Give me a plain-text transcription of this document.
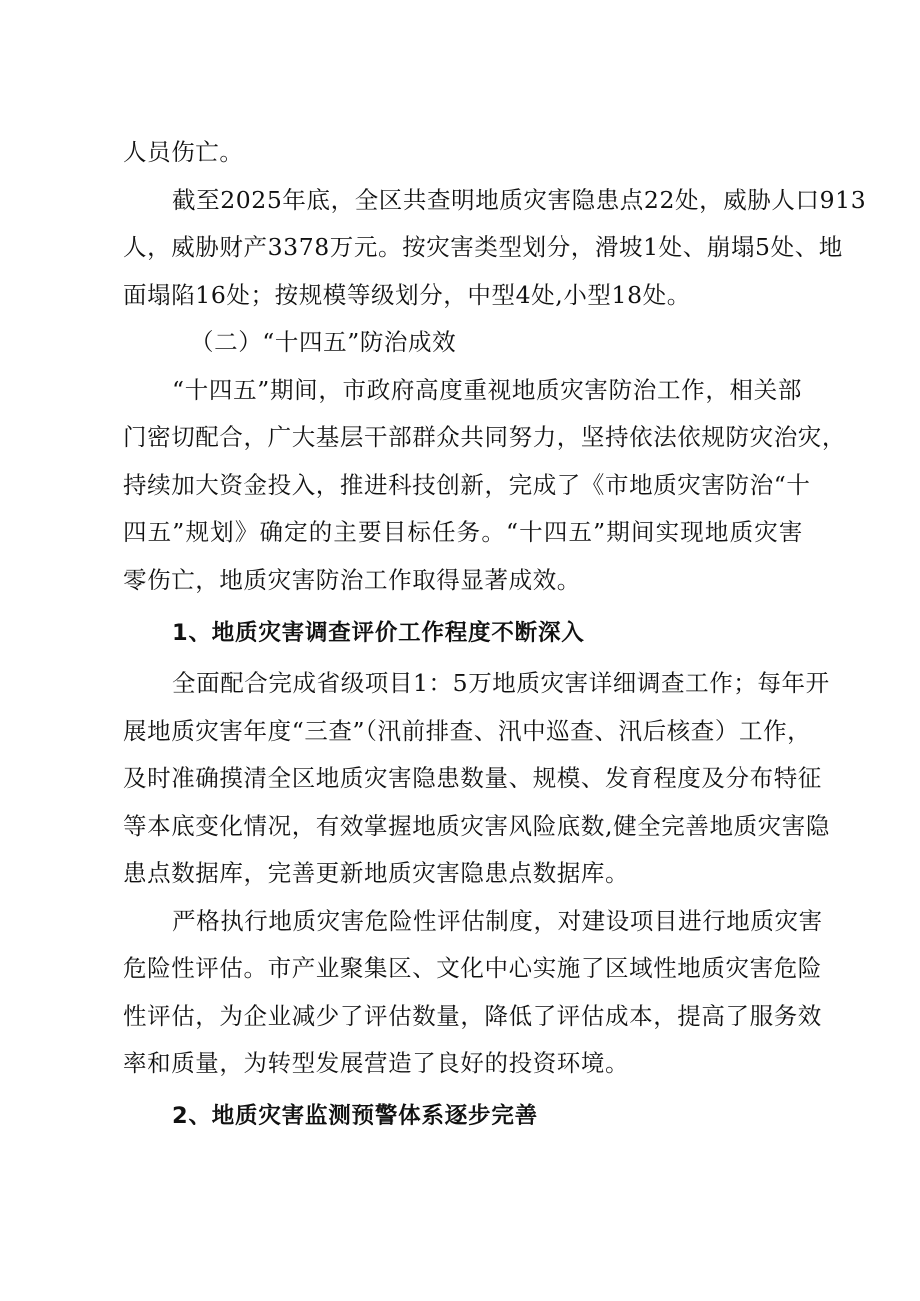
人员伤亡。
截至2025年底，全区共查明地质灾害隐患点22处，威胁人口913
人，威胁财产3378万元。按灾害类型划分，滑坡1处、崩塌5处、地
面塌陷16处；按规模等级划分，中型4处,小型18处。
（二）“十四五”防治成效
“十四五”期间，市政府高度重视地质灾害防治工作，相关部
门密切配合，广大基层干部群众共同努力，坚持依法依规防灾治灾，
持续加大资金投入，推进科技创新，完成了《市地质灾害防治“十
四五”规划》确定的主要目标任务。“十四五”期间实现地质灾害
零伤亡，地质灾害防治工作取得显著成效。
1、地质灾害调查评价工作程度不断深入
全面配合完成省级项目1：5万地质灾害详细调查工作；每年开
展地质灾害年度“三查”（汛前排查、汛中巡查、汛后核查）工作，
及时准确摸清全区地质灾害隐患数量、规模、发育程度及分布特征
等本底变化情况，有效掌握地质灾害风险底数,健全完善地质灾害隐
患点数据库，完善更新地质灾害隐患点数据库。
严格执行地质灾害危险性评估制度，对建设项目进行地质灾害
危险性评估。市产业聚集区、文化中心实施了区域性地质灾害危险
性评估，为企业减少了评估数量，降低了评估成本，提高了服务效
率和质量，为转型发展营造了良好的投资环境。
2、地质灾害监测预警体系逐步完善
